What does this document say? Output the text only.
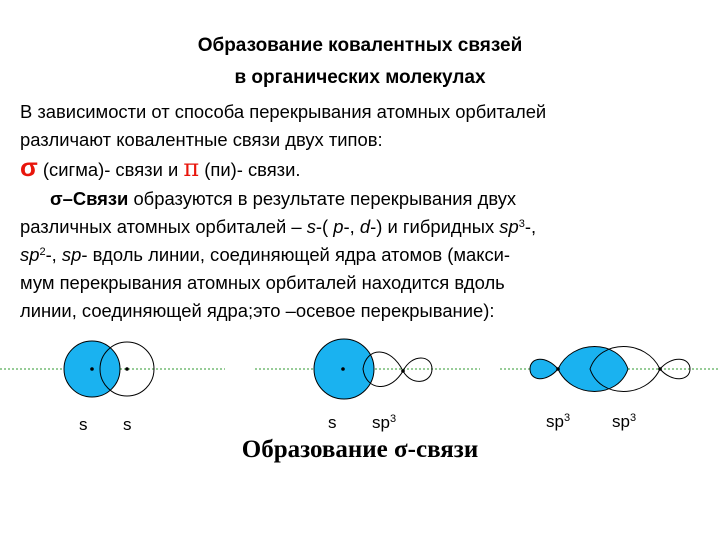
Образование ковалентных связей
в органических молекулах
В зависимости от способа перекрывания атомных орбиталей
различают ковалентные связи двух типов:
σ (сигма)- связи и π (пи)- связи.
σ–Связи образуются в результате перекрывания двух
различных атомных орбиталей – s-( p-, d-) и гибридных $sp^3-$,
$sp^2-$, sp- вдоль линии, соединяющей ядра атомов (макси-
мум перекрывания атомных орбиталей находится вдоль
линии, соединяющей ядра;это –осевое перекрывание):
s s	s $sp^3$	$sp^3$ $sp^3$
Образование σ-связи
